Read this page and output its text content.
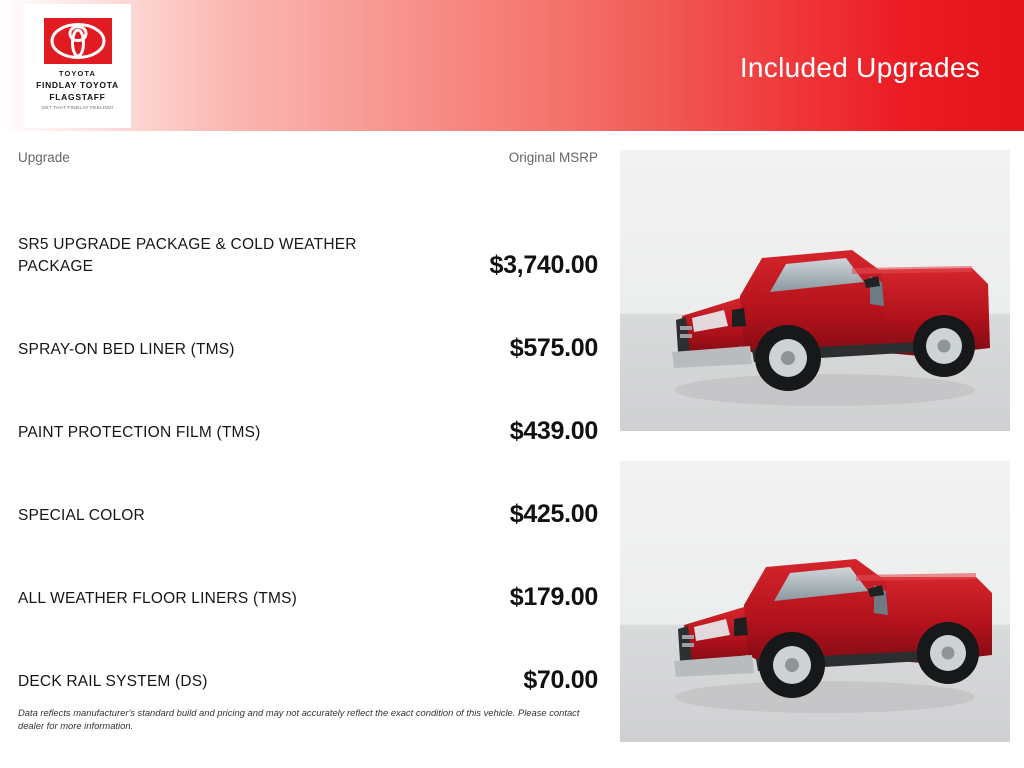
Included Upgrades
TOYOTA
FINDLAY TOYOTA
FLAGSTAFF
GET THAT FINDLAY FEELING!
Upgrade	Original MSRP
SR5 UPGRADE PACKAGE & COLD WEATHER PACKAGE	$3,740.00
SPRAY-ON BED LINER (TMS)	$575.00
PAINT PROTECTION FILM (TMS)	$439.00
SPECIAL COLOR	$425.00
ALL WEATHER FLOOR LINERS (TMS)	$179.00
DECK RAIL SYSTEM (DS)	$70.00
Data reflects manufacturer's standard build and pricing and may not accurately reflect the exact condition of this vehicle. Please contact dealer for more information.
